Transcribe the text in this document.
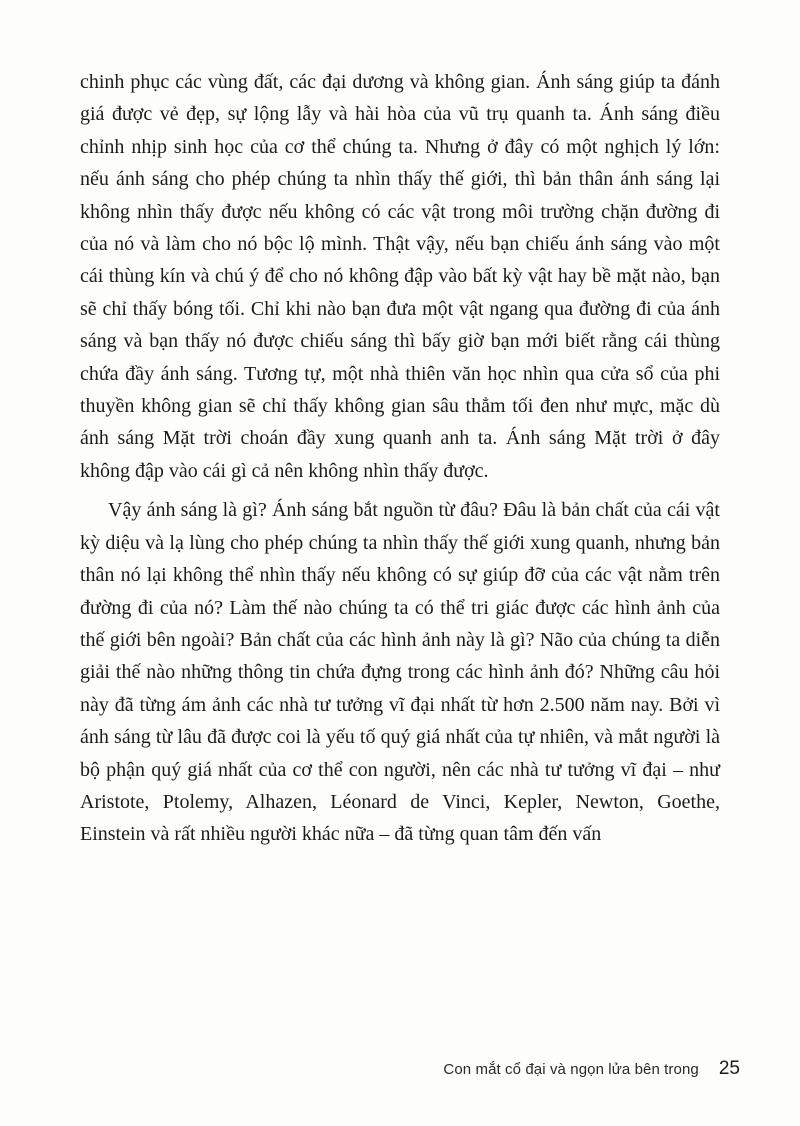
chinh phục các vùng đất, các đại dương và không gian. Ánh sáng giúp ta đánh giá được vẻ đẹp, sự lộng lẫy và hài hòa của vũ trụ quanh ta. Ánh sáng điều chỉnh nhịp sinh học của cơ thể chúng ta. Nhưng ở đây có một nghịch lý lớn: nếu ánh sáng cho phép chúng ta nhìn thấy thế giới, thì bản thân ánh sáng lại không nhìn thấy được nếu không có các vật trong môi trường chặn đường đi của nó và làm cho nó bộc lộ mình. Thật vậy, nếu bạn chiếu ánh sáng vào một cái thùng kín và chú ý để cho nó không đập vào bất kỳ vật hay bề mặt nào, bạn sẽ chỉ thấy bóng tối. Chỉ khi nào bạn đưa một vật ngang qua đường đi của ánh sáng và bạn thấy nó được chiếu sáng thì bấy giờ bạn mới biết rằng cái thùng chứa đầy ánh sáng. Tương tự, một nhà thiên văn học nhìn qua cửa sổ của phi thuyền không gian sẽ chỉ thấy không gian sâu thẳm tối đen như mực, mặc dù ánh sáng Mặt trời choán đầy xung quanh anh ta. Ánh sáng Mặt trời ở đây không đập vào cái gì cả nên không nhìn thấy được.

Vậy ánh sáng là gì? Ánh sáng bắt nguồn từ đâu? Đâu là bản chất của cái vật kỳ diệu và lạ lùng cho phép chúng ta nhìn thấy thế giới xung quanh, nhưng bản thân nó lại không thể nhìn thấy nếu không có sự giúp đỡ của các vật nằm trên đường đi của nó? Làm thế nào chúng ta có thể tri giác được các hình ảnh của thế giới bên ngoài? Bản chất của các hình ảnh này là gì? Não của chúng ta diễn giải thế nào những thông tin chứa đựng trong các hình ảnh đó? Những câu hỏi này đã từng ám ảnh các nhà tư tưởng vĩ đại nhất từ hơn 2.500 năm nay. Bởi vì ánh sáng từ lâu đã được coi là yếu tố quý giá nhất của tự nhiên, và mắt người là bộ phận quý giá nhất của cơ thể con người, nên các nhà tư tưởng vĩ đại – như Aristote, Ptolemy, Alhazen, Léonard de Vinci, Kepler, Newton, Goethe, Einstein và rất nhiều người khác nữa – đã từng quan tâm đến vấn

Con mắt cổ đại và ngọn lửa bên trong 25
